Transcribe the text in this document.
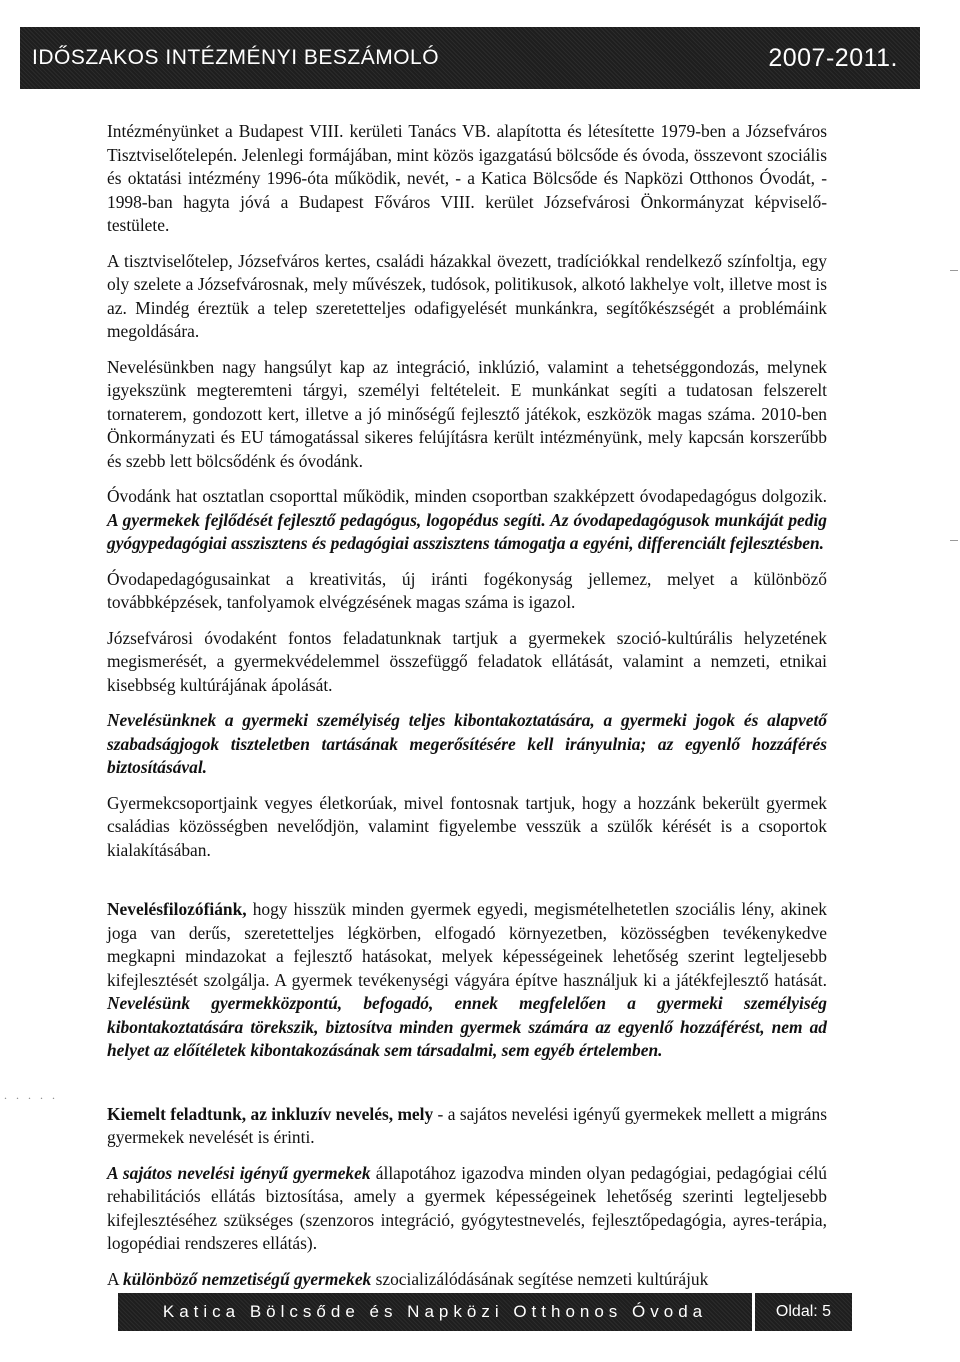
IDŐSZAKOS INTÉZMÉNYI BESZÁMOLÓ	2007-2011.

Intézményünket a Budapest VIII. kerületi Tanács VB. alapította és létesítette 1979-ben a Józsefváros Tisztviselőtelepén. Jelenlegi formájában, mint közös igazgatású bölcsőde és óvoda, összevont szociális és oktatási intézmény 1996-óta működik, nevét, - a Katica Bölcsőde és Napközi Otthonos Óvodát, - 1998-ban hagyta jóvá a Budapest Főváros VIII. kerület Józsefvárosi Önkormányzat képviselő-testülete.

A tisztviselőtelep, Józsefváros kertes, családi házakkal övezett, tradíciókkal rendelkező színfoltja, egy oly szelete a Józsefvárosnak, mely művészek, tudósok, politikusok, alkotó lakhelye volt, illetve most is az. Mindég éreztük a telep szeretetteljes odafigyelését munkánkra, segítőkészségét a problémáink megoldására.

Nevelésünkben nagy hangsúlyt kap az integráció, inklúzió, valamint a tehetséggondozás, melynek igyekszünk megteremteni tárgyi, személyi feltételeit. E munkánkat segíti a tudatosan felszerelt tornaterem, gondozott kert, illetve a jó minőségű fejlesztő játékok, eszközök magas száma. 2010-ben Önkormányzati és EU támogatással sikeres felújításra került intézményünk, mely kapcsán korszerűbb és szebb lett bölcsődénk és óvodánk.

Óvodánk hat osztatlan csoporttal működik, minden csoportban szakképzett óvodapedagógus dolgozik. A gyermekek fejlődését fejlesztő pedagógus, logopédus segíti. Az óvodapedagógusok munkáját pedig gyógypedagógiai asszisztens és pedagógiai asszisztens támogatja a egyéni, differenciált fejlesztésben.

Óvodapedagógusainkat a kreativitás, új iránti fogékonyság jellemez, melyet a különböző továbbképzések, tanfolyamok elvégzésének magas száma is igazol.

Józsefvárosi óvodaként fontos feladatunknak tartjuk a gyermekek szoció-kultúrális helyzetének megismerését, a gyermekvédelemmel összefüggő feladatok ellátását, valamint a nemzeti, etnikai kisebbség kultúrájának ápolását.

Nevelésünknek a gyermeki személyiség teljes kibontakoztatására, a gyermeki jogok és alapvető szabadságjogok tiszteletben tartásának megerősítésére kell irányulnia; az egyenlő hozzáférés biztosításával.

Gyermekcsoportjaink vegyes életkorúak, mivel fontosnak tartjuk, hogy a hozzánk bekerült gyermek családias közösségben nevelődjön, valamint figyelembe vesszük a szülők kérését is a csoportok kialakításában.

Nevelésfilozófiánk, hogy hisszük minden gyermek egyedi, megismételhetetlen szociális lény, akinek joga van derűs, szeretetteljes légkörben, elfogadó környezetben, közösségben tevékenykedve megkapni mindazokat a fejlesztő hatásokat, melyek képességeinek lehetőség szerint legteljesebb kifejlesztését szolgálja. A gyermek tevékenységi vágyára építve használjuk ki a játékfejlesztő hatását. Nevelésünk gyermekközpontú, befogadó, ennek megfelelően a gyermeki személyiség kibontakoztatására törekszik, biztosítva minden gyermek számára az egyenlő hozzáférést, nem ad helyet az előítéletek kibontakozásának sem társadalmi, sem egyéb értelemben.

Kiemelt feladtunk, az inkluzív nevelés, mely - a sajátos nevelési igényű gyermekek mellett a migráns gyermekek nevelését is érinti.

A sajátos nevelési igényű gyermekek állapotához igazodva minden olyan pedagógiai, pedagógiai célú rehabilitációs ellátás biztosítása, amely a gyermek képességeinek lehetőség szerinti legteljesebb kifejlesztéséhez szükséges (szenzoros integráció, gyógytestnevelés, fejlesztőpedagógia, ayres-terápia, logopédiai rendszeres ellátás).

A különböző nemzetiségű gyermekek szocializálódásának segítése nemzeti kultúrájuk

. . . . .
Katica Bölcsőde és Napközi Otthonos Óvoda	Oldal: 5
